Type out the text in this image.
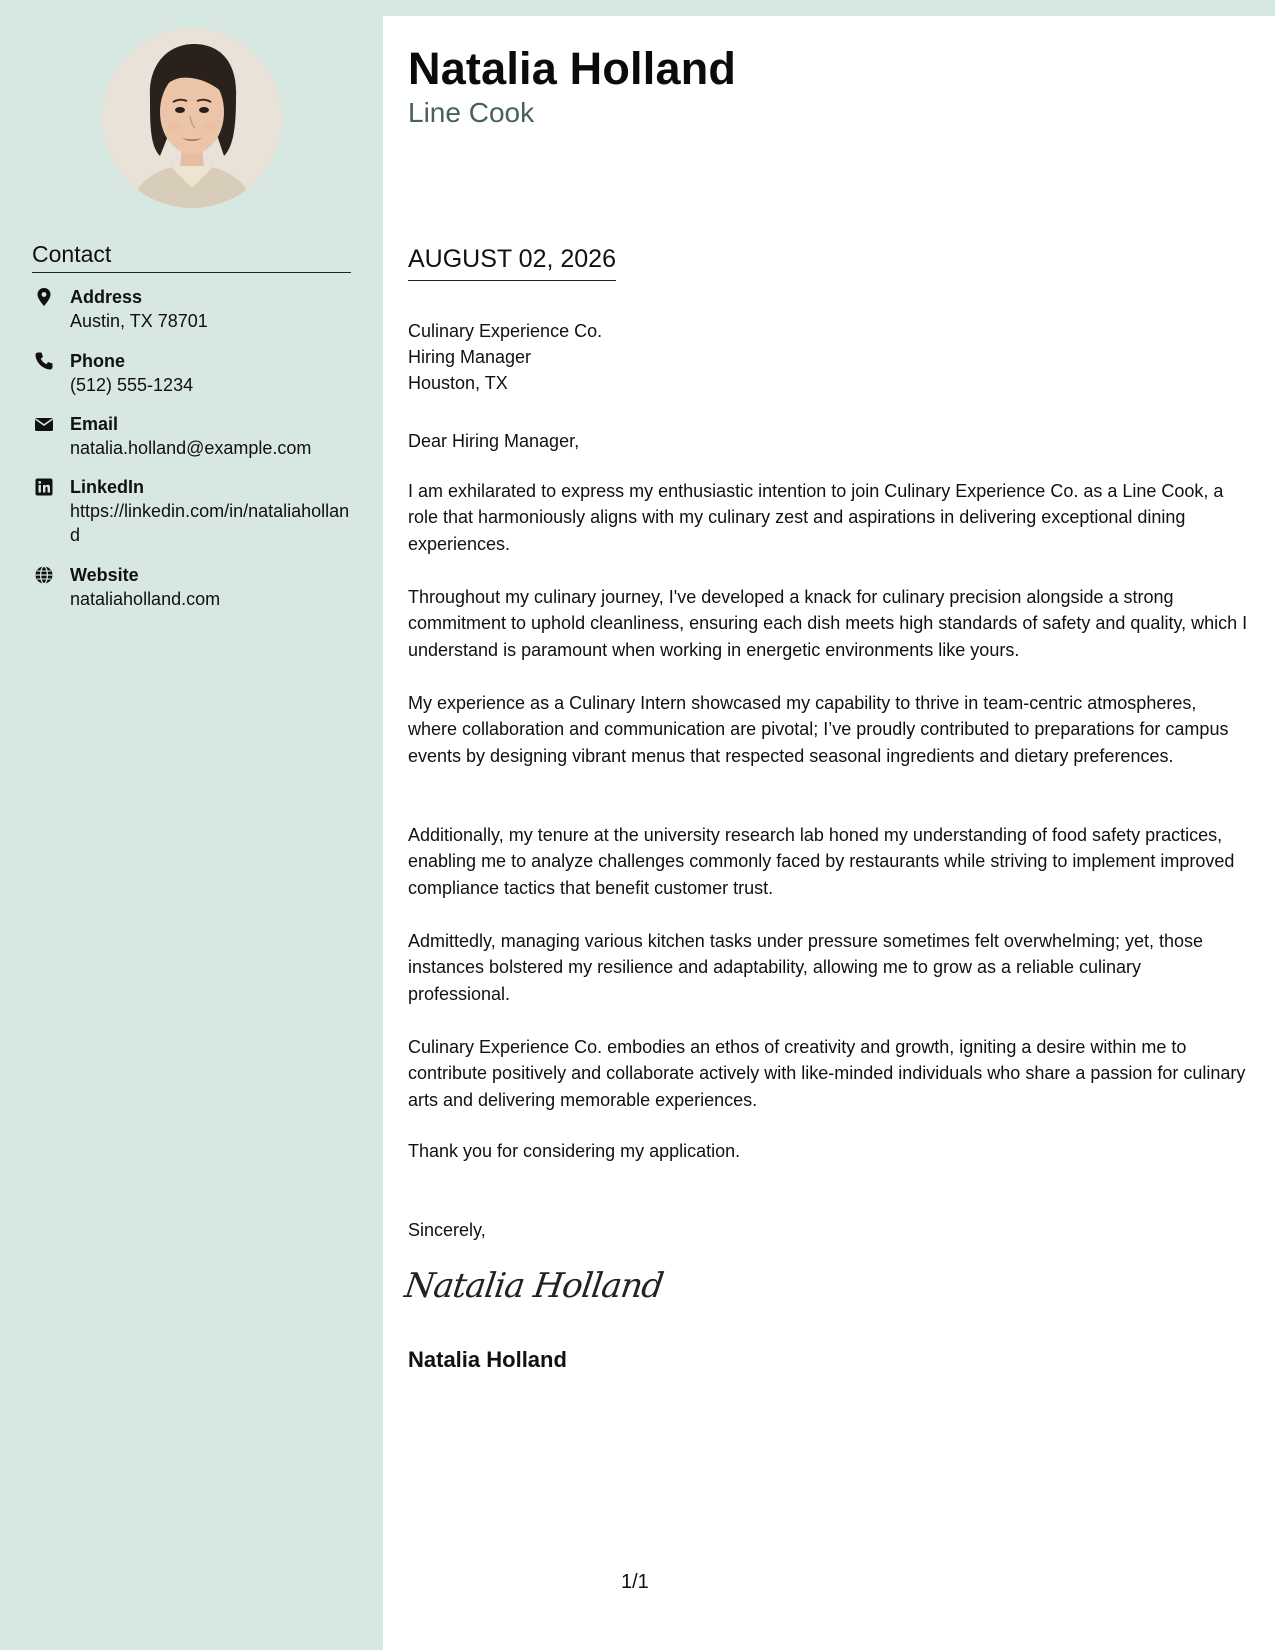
Contact
Address
Austin, TX 78701
Phone
(512) 555-1234
Email
natalia.holland@example.com
LinkedIn
https://linkedin.com/in/nataliaholland
Website
nataliaholland.com
Natalia Holland
Line Cook
AUGUST 02, 2026
Culinary Experience Co.
Hiring Manager
Houston, TX
Dear Hiring Manager,
I am exhilarated to express my enthusiastic intention to join Culinary Experience Co. as a Line Cook, a role that harmoniously aligns with my culinary zest and aspirations in delivering exceptional dining experiences.
Throughout my culinary journey, I've developed a knack for culinary precision alongside a strong commitment to uphold cleanliness, ensuring each dish meets high standards of safety and quality, which I understand is paramount when working in energetic environments like yours.
My experience as a Culinary Intern showcased my capability to thrive in team-centric atmospheres, where collaboration and communication are pivotal; I’ve proudly contributed to preparations for campus events by designing vibrant menus that respected seasonal ingredients and dietary preferences.
Additionally, my tenure at the university research lab honed my understanding of food safety practices, enabling me to analyze challenges commonly faced by restaurants while striving to implement improved compliance tactics that benefit customer trust.
Admittedly, managing various kitchen tasks under pressure sometimes felt overwhelming; yet, those instances bolstered my resilience and adaptability, allowing me to grow as a reliable culinary professional.
Culinary Experience Co. embodies an ethos of creativity and growth, igniting a desire within me to contribute positively and collaborate actively with like-minded individuals who share a passion for culinary arts and delivering memorable experiences.
Thank you for considering my application.
Sincerely,
Natalia Holland
Natalia Holland
1/1
